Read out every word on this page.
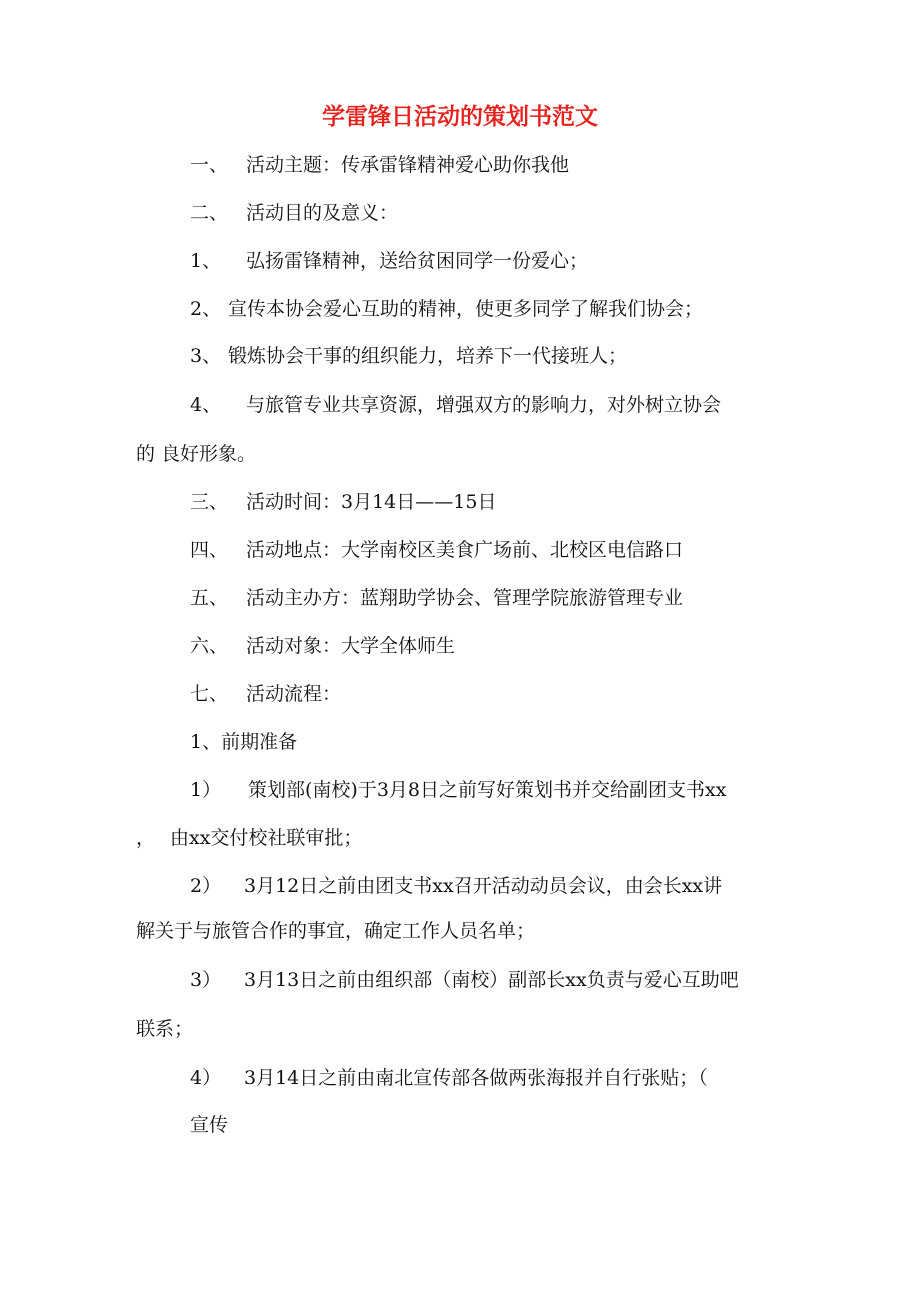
学雷锋日活动的策划书范文
一、 活动主题：传承雷锋精神爱心助你我他
二、 活动目的及意义：
1、 弘扬雷锋精神，送给贫困同学一份爱心；
2、 宣传本协会爱心互助的精神，使更多同学了解我们协会；
3、 锻炼协会干事的组织能力，培养下一代接班人；
4、 与旅管专业共享资源，增强双方的影响力，对外树立协会
的 良好形象。
三、 活动时间：3月14日——15日
四、 活动地点：大学南校区美食广场前、北校区电信路口
五、 活动主办方：蓝翔助学协会、管理学院旅游管理专业
六、 活动对象：大学全体师生
七、 活动流程：
1、前期准备
1） 策划部(南校)于3月8日之前写好策划书并交给副团支书xx
， 由xx交付校社联审批；
2） 3月12日之前由团支书xx召开活动动员会议，由会长xx讲
解关于与旅管合作的事宜，确定工作人员名单；
3） 3月13日之前由组织部（南校）副部长xx负责与爱心互助吧
联系；
4） 3月14日之前由南北宣传部各做两张海报并自行张贴；（
宣传
